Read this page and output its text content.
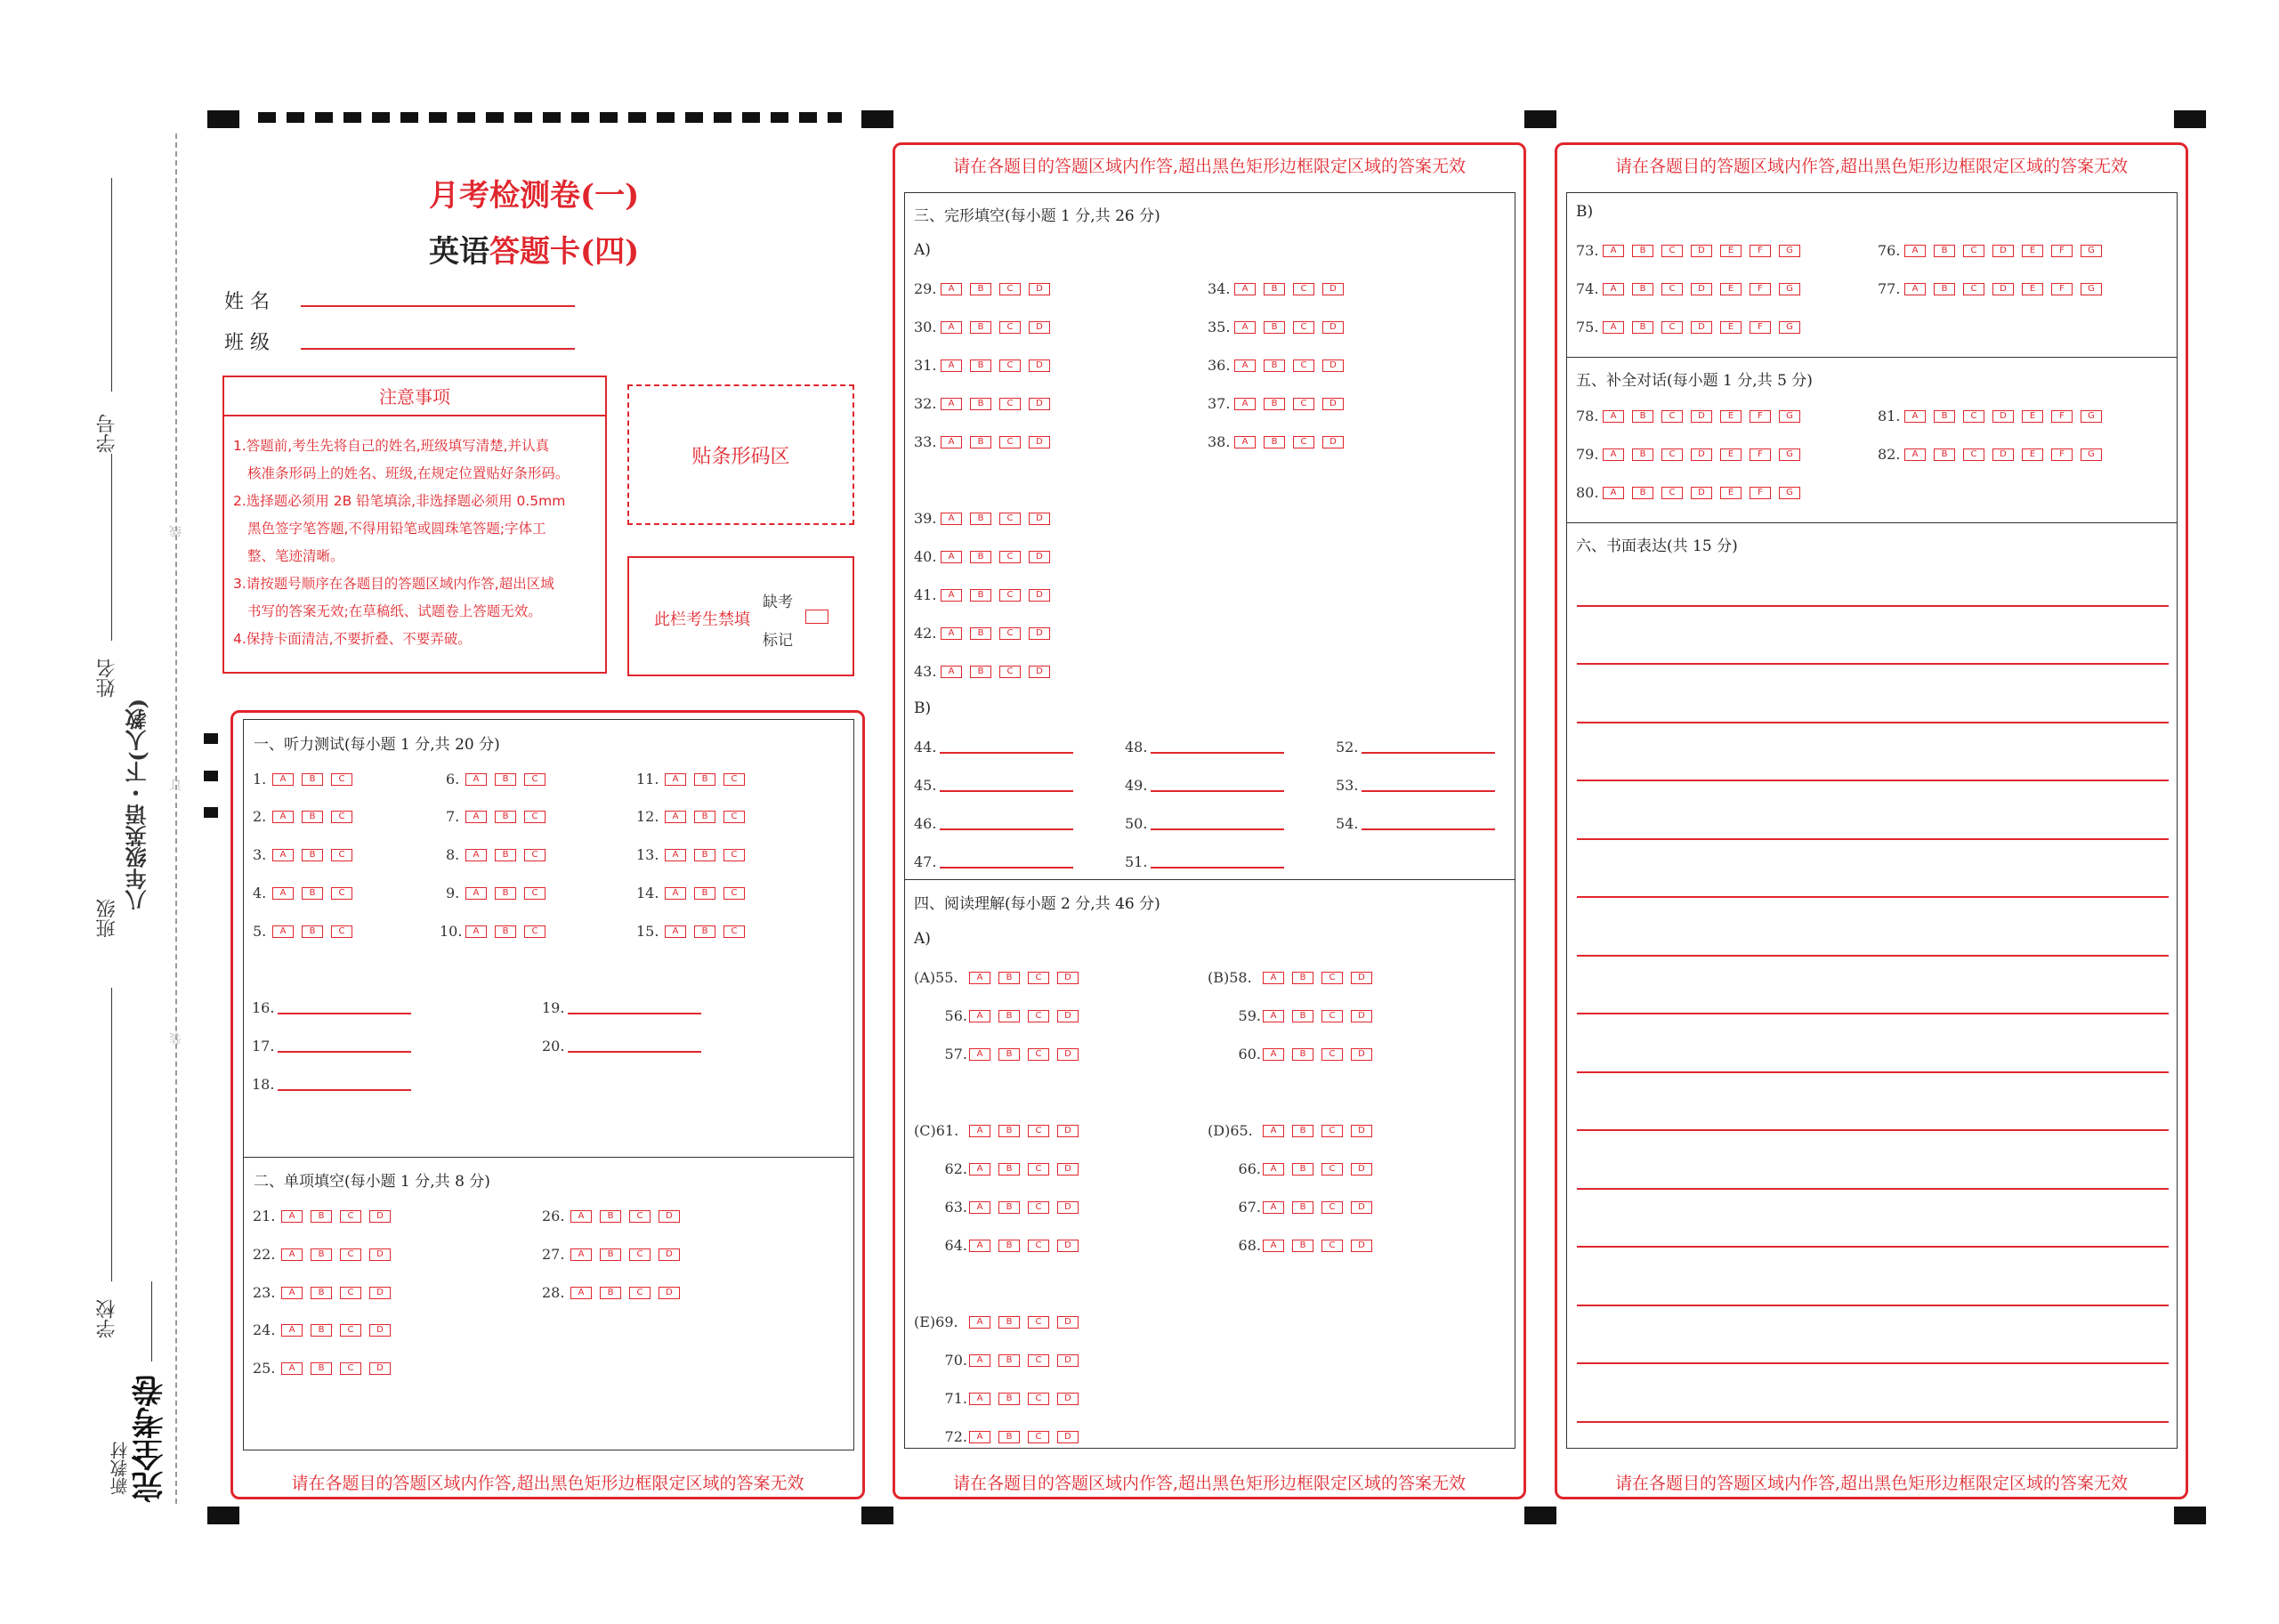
学号
姓名
班级
八年级英语・下(人教)
学校
线
订
装
新教材 完全考卷
月考检测卷(一)
英语答题卡(四)
姓 名
班 级
注意事项
1.答题前,考生先将自己的姓名,班级填写清楚,并认真
核准条形码上的姓名、班级,在规定位置贴好条形码。
2.选择题必须用 2B 铅笔填涂,非选择题必须用 0.5mm
黑色签字笔答题,不得用铅笔或圆珠笔答题;字体工
整、笔迹清晰。
3.请按题号顺序在各题目的答题区域内作答,超出区域
书写的答案无效;在草稿纸、试题卷上答题无效。
4.保持卡面清洁,不要折叠、不要弄破。
贴条形码区
此栏考生禁填
缺考
标记
一、听力测试(每小题 1 分,共 20 分)
二、单项填空(每小题 1 分,共 8 分)
请在各题目的答题区域内作答,超出黑色矩形边框限定区域的答案无效
1.	A	B	C
2.	A	B	C
3.	A	B	C
4.	A	B	C
5.	A	B	C
6.	A	B	C
7.	A	B	C
8.	A	B	C
9.	A	B	C
10.	A	B	C
11.	A	B	C
12.	A	B	C
13.	A	B	C
14.	A	B	C
15.	A	B	C
16.
17.
18.
19.
20.
21.	A	B	C	D
22.	A	B	C	D
23.	A	B	C	D
24.	A	B	C	D
25.	A	B	C	D
26.	A	B	C	D
27.	A	B	C	D
28.	A	B	C	D
请在各题目的答题区域内作答,超出黑色矩形边框限定区域的答案无效
三、完形填空(每小题 1 分,共 26 分)
A)
B)
四、阅读理解(每小题 2 分,共 46 分)
A)
请在各题目的答题区域内作答,超出黑色矩形边框限定区域的答案无效
29.	A	B	C	D
30.	A	B	C	D
31.	A	B	C	D
32.	A	B	C	D
33.	A	B	C	D
34.	A	B	C	D
35.	A	B	C	D
36.	A	B	C	D
37.	A	B	C	D
38.	A	B	C	D
39.	A	B	C	D
40.	A	B	C	D
41.	A	B	C	D
42.	A	B	C	D
43.	A	B	C	D
44.
45.
46.
47.
48.
49.
50.
51.
52.
53.
54.
(A)55.	A	B	C	D
56.	A	B	C	D
57.	A	B	C	D
(B)58.	A	B	C	D
59.	A	B	C	D
60.	A	B	C	D
(C)61.	A	B	C	D
62.	A	B	C	D
63.	A	B	C	D
64.	A	B	C	D
(D)65.	A	B	C	D
66.	A	B	C	D
67.	A	B	C	D
68.	A	B	C	D
(E)69.	A	B	C	D
70.	A	B	C	D
71.	A	B	C	D
72.	A	B	C	D
请在各题目的答题区域内作答,超出黑色矩形边框限定区域的答案无效
B)
五、补全对话(每小题 1 分,共 5 分)
六、书面表达(共 15 分)
请在各题目的答题区域内作答,超出黑色矩形边框限定区域的答案无效
73.	A	B	C	D	E	F	G
74.	A	B	C	D	E	F	G
75.	A	B	C	D	E	F	G
76.	A	B	C	D	E	F	G
77.	A	B	C	D	E	F	G
78.	A	B	C	D	E	F	G
79.	A	B	C	D	E	F	G
80.	A	B	C	D	E	F	G
81.	A	B	C	D	E	F	G
82.	A	B	C	D	E	F	G
